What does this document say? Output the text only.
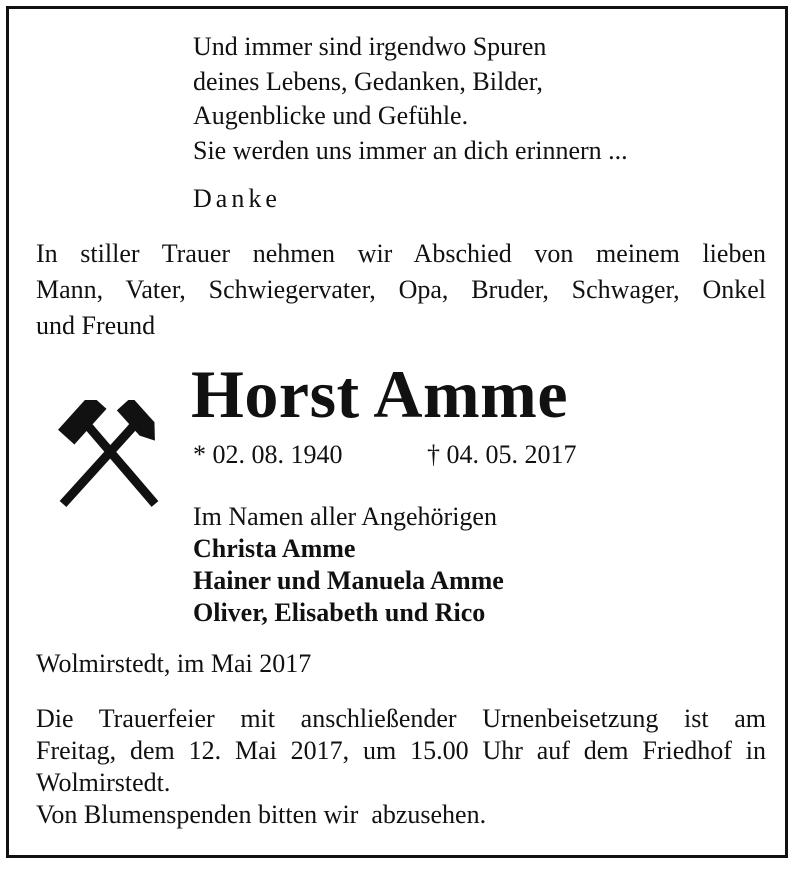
Und immer sind irgendwo Spuren
deines Lebens, Gedanken, Bilder,
Augenblicke und Gefühle.
Sie werden uns immer an dich erinnern ...
Danke
In stiller Trauer nehmen wir Abschied von meinem lieben
Mann, Vater, Schwiegervater, Opa, Bruder, Schwager, Onkel
und Freund
Horst Amme
* 02. 08. 1940	† 04. 05. 2017
Im Namen aller Angehörigen
Christa Amme
Hainer und Manuela Amme
Oliver, Elisabeth und Rico
Wolmirstedt, im Mai 2017
Die Trauerfeier mit anschließender Urnenbeisetzung ist am
Freitag, dem 12. Mai 2017, um 15.00 Uhr auf dem Friedhof in
Wolmirstedt.
Von Blumenspenden bitten wir  abzusehen.
